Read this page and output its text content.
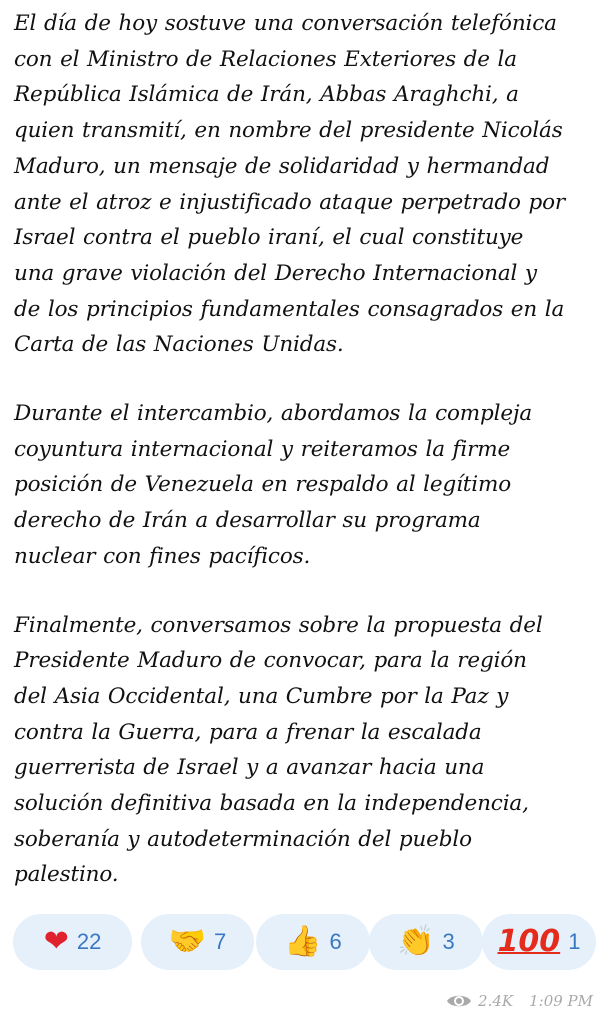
El día de hoy sostuve una conversación telefónica
con el Ministro de Relaciones Exteriores de la
República Islámica de Irán, Abbas Araghchi, a
quien transmití, en nombre del presidente Nicolás
Maduro, un mensaje de solidaridad y hermandad
ante el atroz e injustificado ataque perpetrado por
Israel contra el pueblo iraní, el cual constituye
una grave violación del Derecho Internacional y
de los principios fundamentales consagrados en la
Carta de las Naciones Unidas.

Durante el intercambio, abordamos la compleja
coyuntura internacional y reiteramos la firme
posición de Venezuela en respaldo al legítimo
derecho de Irán a desarrollar su programa
nuclear con fines pacíficos.

Finalmente, conversamos sobre la propuesta del
Presidente Maduro de convocar, para la región
del Asia Occidental, una Cumbre por la Paz y
contra la Guerra, para a frenar la escalada
guerrerista de Israel y a avanzar hacia una
solución definitiva basada en la independencia,
soberanía y autodeterminación del pueblo
palestino.

❤ 22 🤝 7 👍 6 👏 3 100 1
2.4K 1:09 PM
